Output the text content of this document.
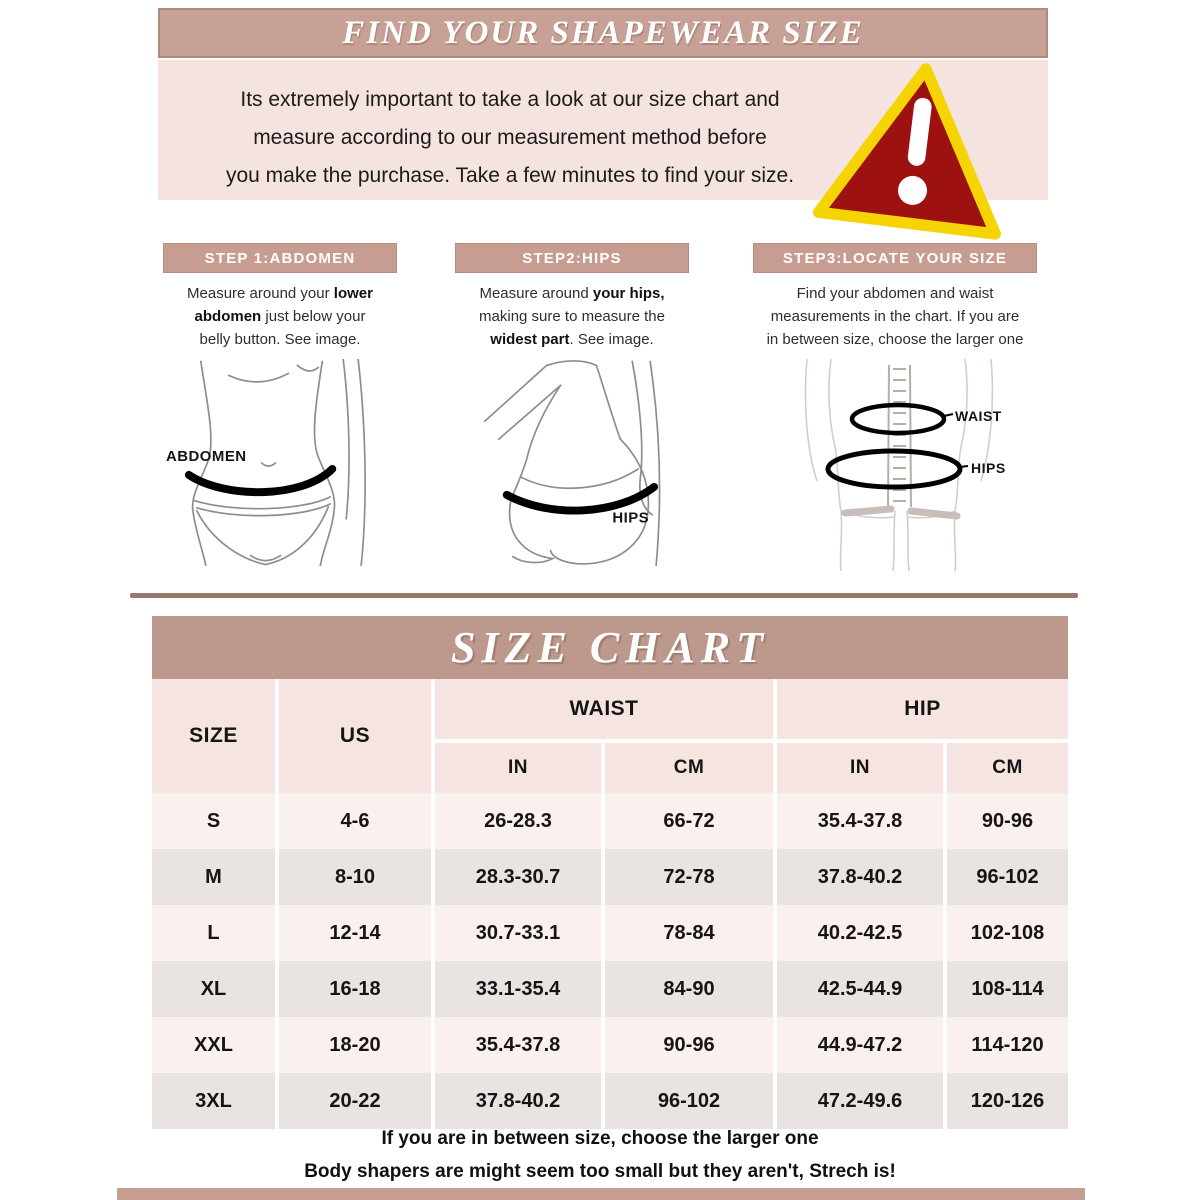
FIND YOUR SHAPEWEAR SIZE
Its extremely important to take a look at our size chart and
measure according to our measurement method before
you make the purchase. Take a few minutes to find your size.
STEP 1:ABDOMEN
Measure around your lower
abdomen just below your
belly button. See image.
ABDOMEN
STEP2:HIPS
Measure around your hips,
making sure to measure the
widest part. See image.
HIPS
STEP3:LOCATE YOUR SIZE
Find your abdomen and waist
measurements in the chart. If you are
in between size, choose the larger one
WAIST
HIPS
SIZE CHART
SIZE	US	WAIST		HIP	
		IN	CM	IN	CM
S	4-6	26-28.3	66-72	35.4-37.8	90-96
M	8-10	28.3-30.7	72-78	37.8-40.2	96-102
L	12-14	30.7-33.1	78-84	40.2-42.5	102-108
XL	16-18	33.1-35.4	84-90	42.5-44.9	108-114
XXL	18-20	35.4-37.8	90-96	44.9-47.2	114-120
3XL	20-22	37.8-40.2	96-102	47.2-49.6	120-126
If you are in between size, choose the larger one
Body shapers are might seem too small but they aren't, Strech is!
